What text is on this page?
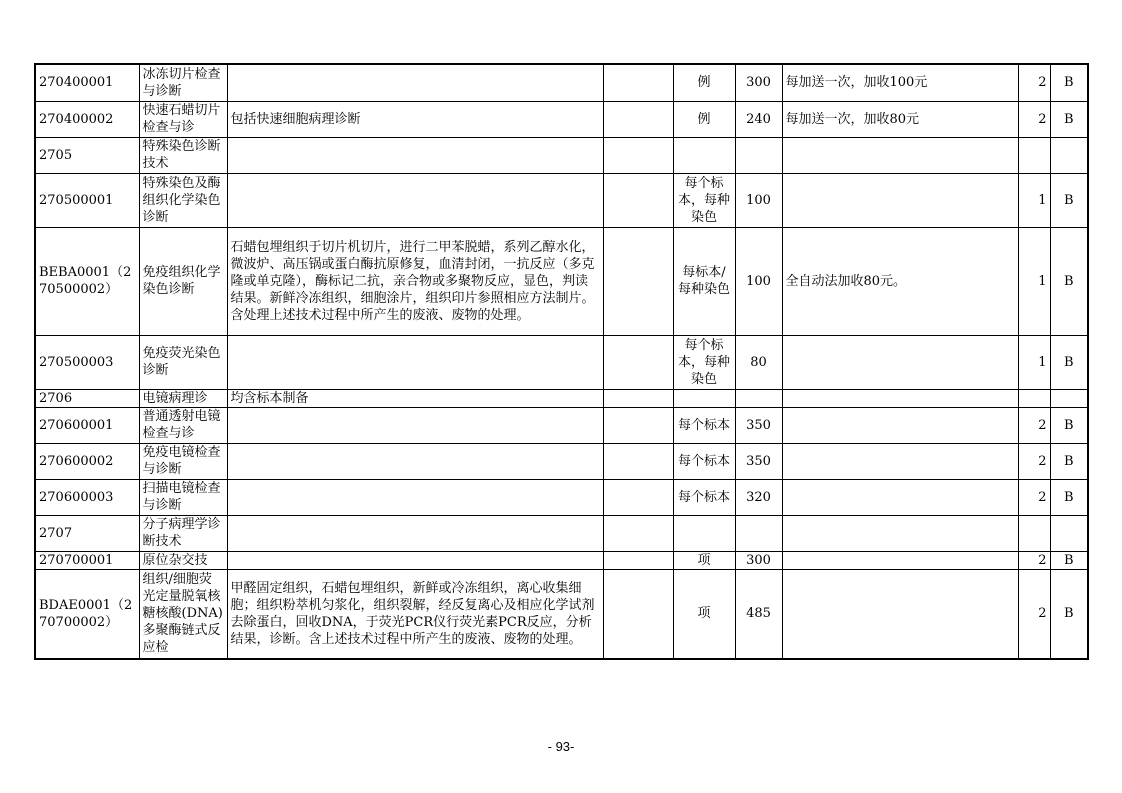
270400001	冰冻切片检查与诊断			例	300	每加送一次，加收100元	2	B
270400002	快速石蜡切片检查与诊	包括快速细胞病理诊断		例	240	每加送一次，加收80元	2	B
2705	特殊染色诊断技术							
270500001	特殊染色及酶组织化学染色诊断			每个标本，每种染色	100		1	B
BEBA0001（270500002）	免疫组织化学染色诊断	石蜡包埋组织于切片机切片，进行二甲苯脱蜡，系列乙醇水化，微波炉、高压锅或蛋白酶抗原修复，血清封闭，一抗反应（多克隆或单克隆），酶标记二抗，亲合物或多聚物反应，显色，判读结果。新鲜冷冻组织，细胞涂片，组织印片参照相应方法制片。含处理上述技术过程中所产生的废液、废物的处理。		每标本/每种染色	100	全自动法加收80元。	1	B
270500003	免疫荧光染色诊断			每个标本，每种染色	80		1	B
2706	电镜病理诊	均含标本制备						
270600001	普通透射电镜检查与诊			每个标本	350		2	B
270600002	免疫电镜检查与诊断			每个标本	350		2	B
270600003	扫描电镜检查与诊断			每个标本	320		2	B
2707	分子病理学诊断技术							
270700001	原位杂交技			项	300		2	B
BDAE0001（270700002）	组织/细胞荧光定量脱氧核糖核酸(DNA)多聚酶链式反应检	甲醛固定组织，石蜡包埋组织，新鲜或冷冻组织，离心收集细胞；组织粉萃机匀浆化，组织裂解，经反复离心及相应化学试剂去除蛋白，回收DNA，于荧光PCR仪行荧光素PCR反应，分析结果，诊断。含上述技术过程中所产生的废液、废物的处理。		项	485		2	B
- 93-
